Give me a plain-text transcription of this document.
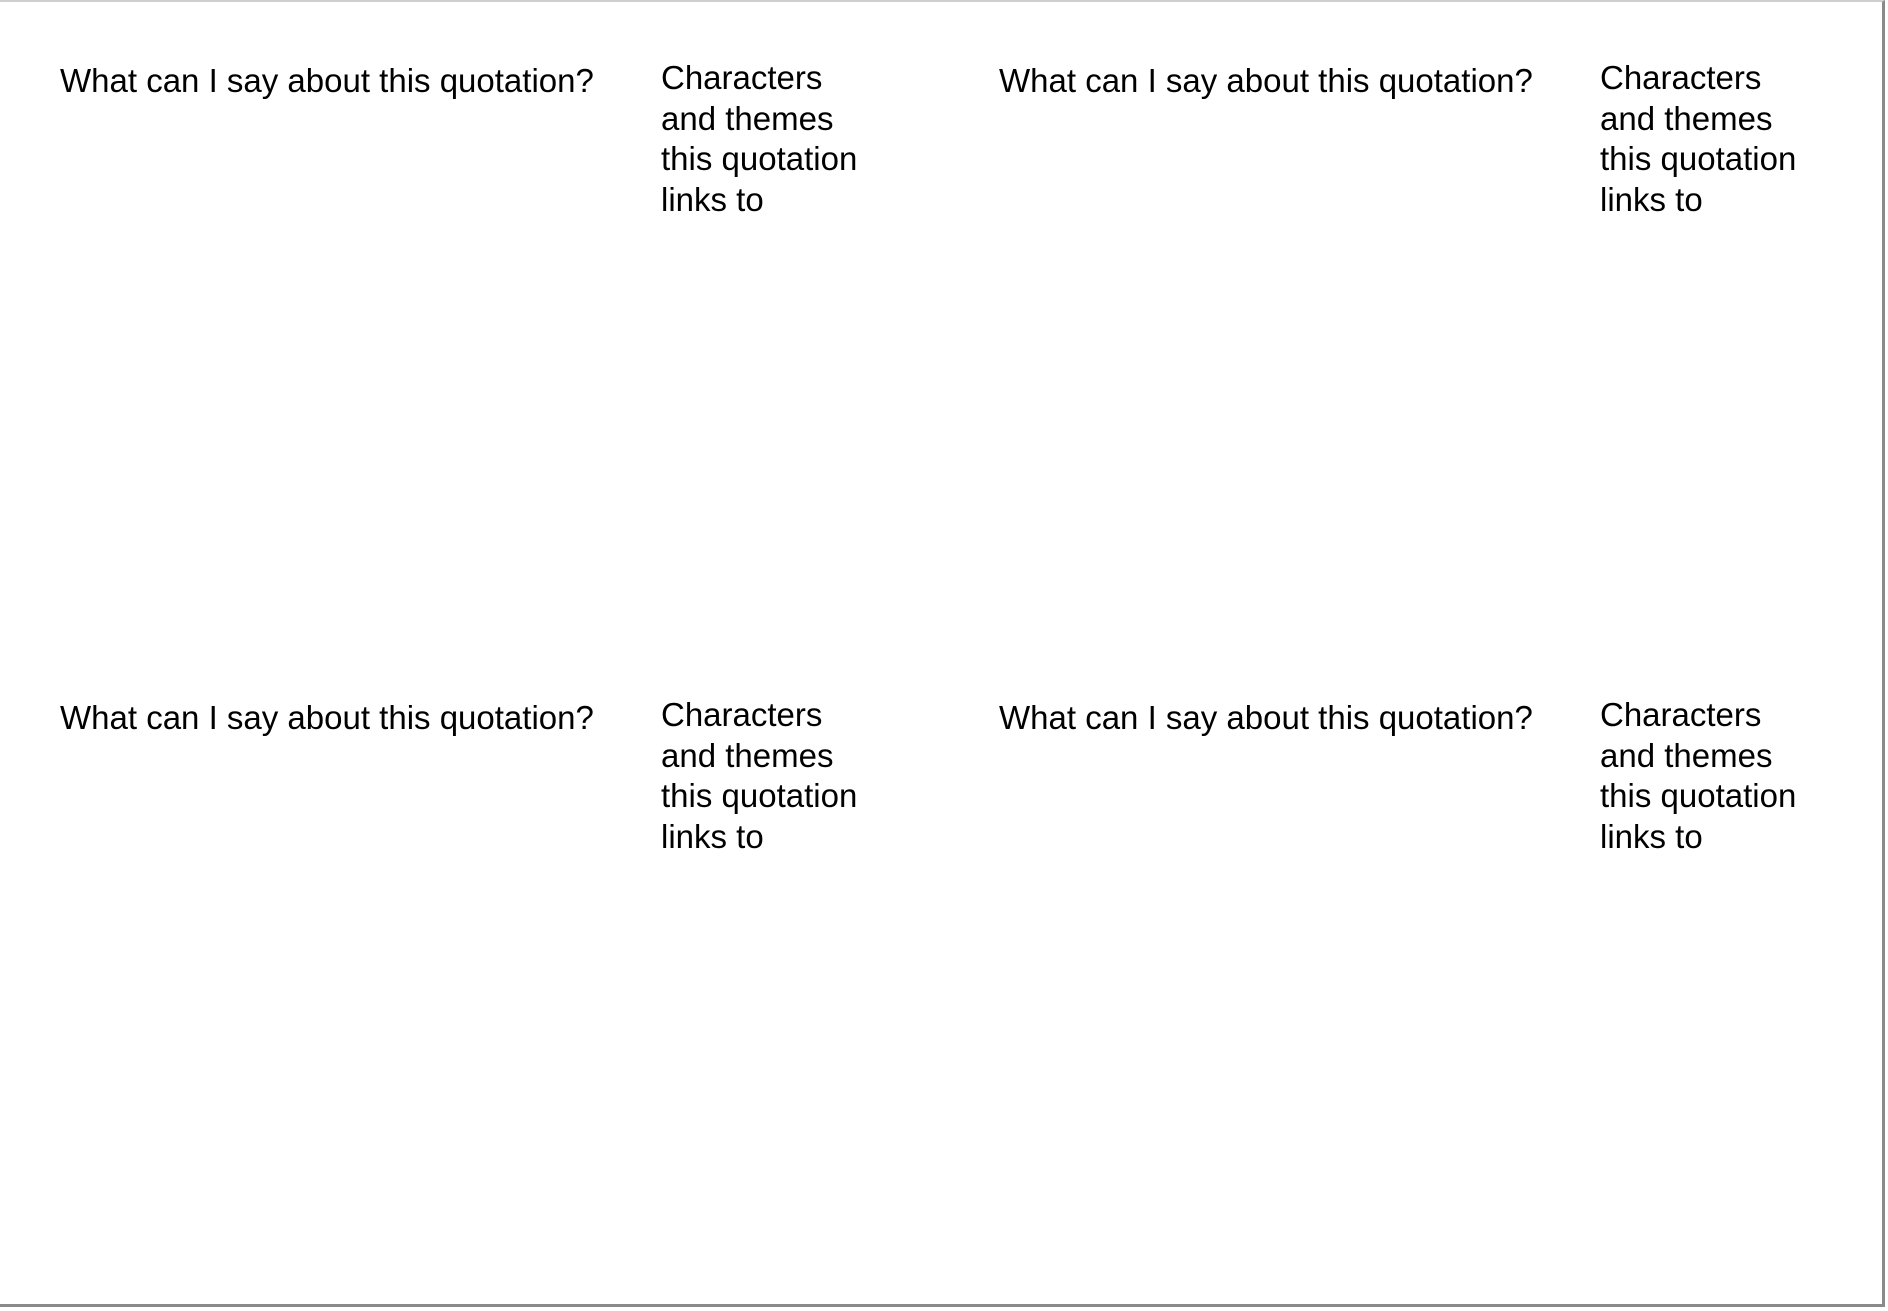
What can I say about this quotation?	Characters
and themes
this quotation
links to
What can I say about this quotation?	Characters
and themes
this quotation
links to
What can I say about this quotation?	Characters
and themes
this quotation
links to
What can I say about this quotation?	Characters
and themes
this quotation
links to
